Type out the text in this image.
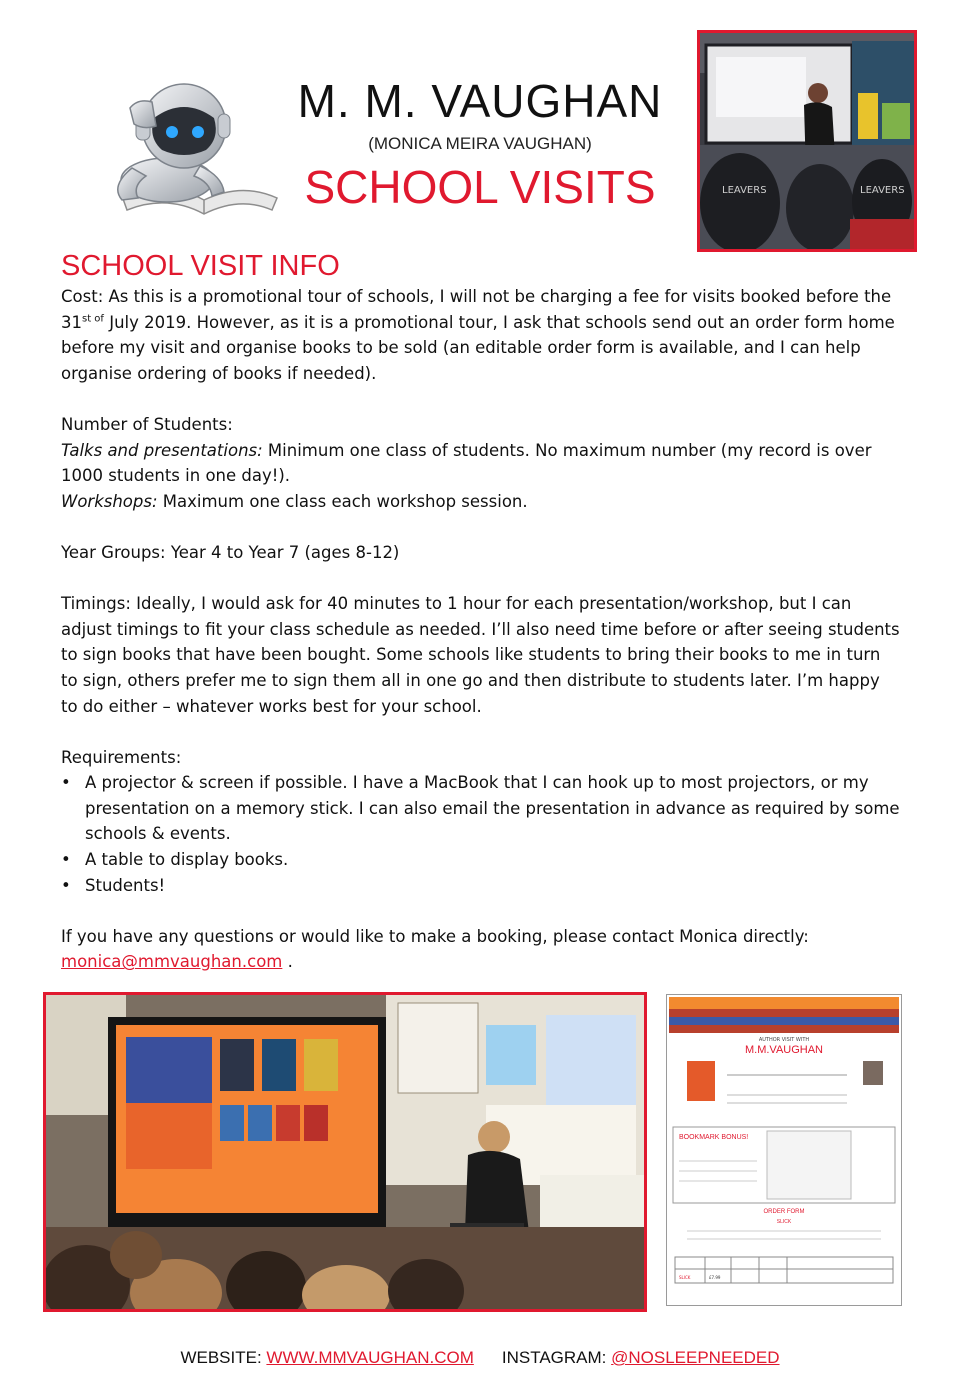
M. M. VAUGHAN
(MONICA MEIRA VAUGHAN)
SCHOOL VISITS	LEAVERS	LEAVERS
SCHOOL VISIT INFO

Cost: As this is a promotional tour of schools, I will not be charging a fee for visits booked before the $31^{st of}$ July 2019. However, as it is a promotional tour, I ask that schools send out an order form home before my visit and organise books to be sold (an editable order form is available, and I can help organise ordering of books if needed).

Number of Students:

Talks and presentations: Minimum one class of students. No maximum number (my record is over 1000 students in one day!).

Workshops: Maximum one class each workshop session.

Year Groups: Year 4 to Year 7 (ages 8-12)

Timings: Ideally, I would ask for 40 minutes to 1 hour for each presentation/workshop, but I can adjust timings to fit your class schedule as needed. I’ll also need time before or after seeing students to sign books that have been bought. Some schools like students to bring their books to me in turn to sign, others prefer me to sign them all in one go and then distribute to students later. I’m happy to do either – whatever works best for your school.

Requirements:

• A projector & screen if possible. I have a MacBook that I can hook up to most projectors, or my presentation on a memory stick. I can also email the presentation in advance as required by some schools & events.
• A table to display books.
• Students!

If you have any questions or would like to make a booking, please contact Monica directly:

monica@mmvaughan.com .

AUTHOR VISIT WITH
M.M.VAUGHAN
BOOKMARK BONUS!
ORDER FORM
SLICK
SLICK	£7.99
WEBSITE: WWW.MMVAUGHAN.COM INSTAGRAM: @NOSLEEPNEEDED
